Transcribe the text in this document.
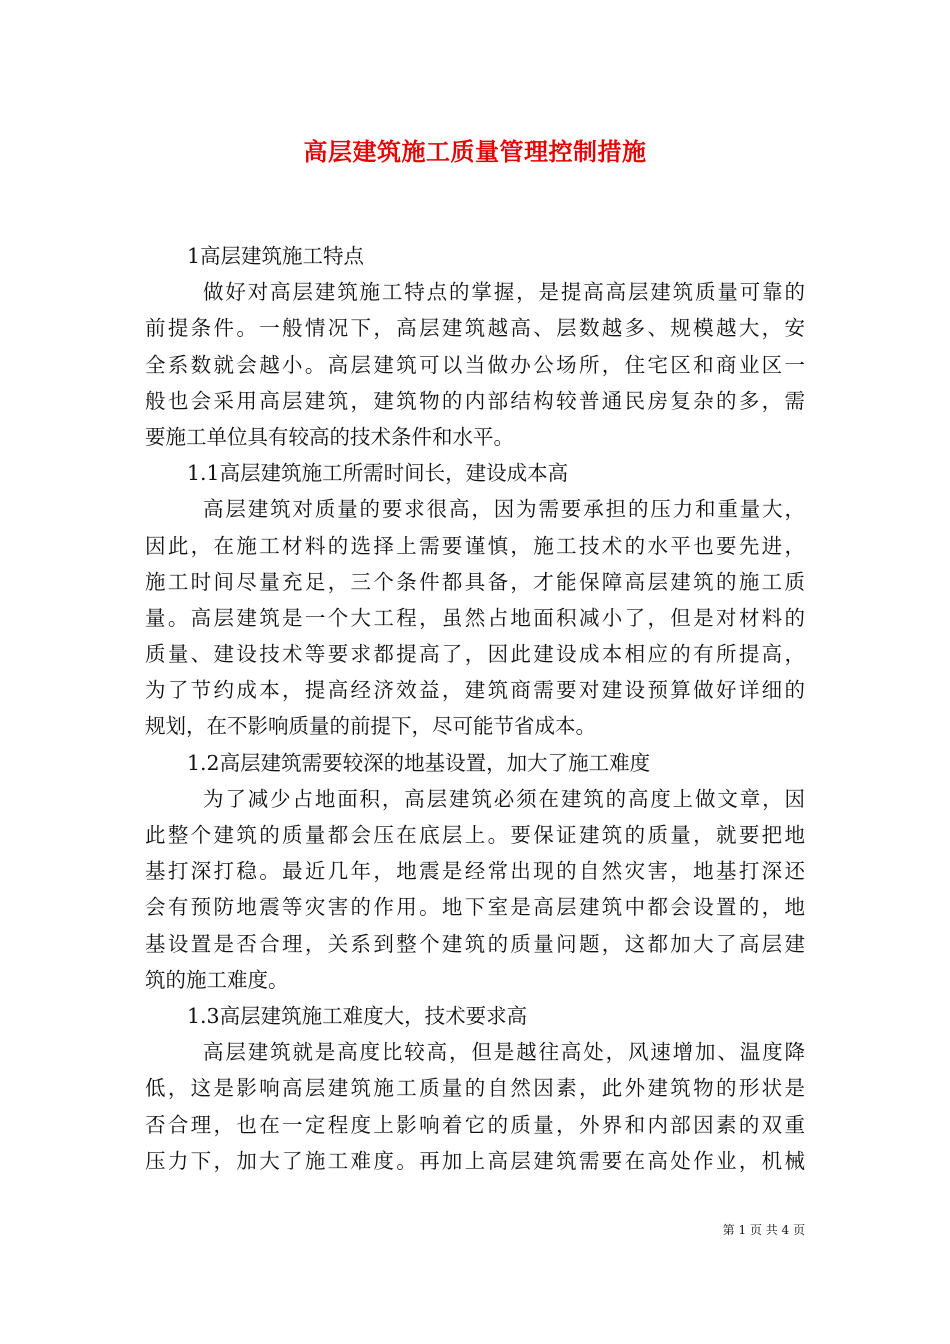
高层建筑施工质量管理控制措施
1高层建筑施工特点
做好对高层建筑施工特点的掌握，是提高高层建筑质量可靠的
前提条件。一般情况下，高层建筑越高、层数越多、规模越大，安
全系数就会越小。高层建筑可以当做办公场所，住宅区和商业区一
般也会采用高层建筑，建筑物的内部结构较普通民房复杂的多，需
要施工单位具有较高的技术条件和水平。
1.1高层建筑施工所需时间长，建设成本高
高层建筑对质量的要求很高，因为需要承担的压力和重量大，
因此，在施工材料的选择上需要谨慎，施工技术的水平也要先进，
施工时间尽量充足，三个条件都具备，才能保障高层建筑的施工质
量。高层建筑是一个大工程，虽然占地面积减小了，但是对材料的
质量、建设技术等要求都提高了，因此建设成本相应的有所提高，
为了节约成本，提高经济效益，建筑商需要对建设预算做好详细的
规划，在不影响质量的前提下，尽可能节省成本。
1.2高层建筑需要较深的地基设置，加大了施工难度
为了减少占地面积，高层建筑必须在建筑的高度上做文章，因
此整个建筑的质量都会压在底层上。要保证建筑的质量，就要把地
基打深打稳。最近几年，地震是经常出现的自然灾害，地基打深还
会有预防地震等灾害的作用。地下室是高层建筑中都会设置的，地
基设置是否合理，关系到整个建筑的质量问题，这都加大了高层建
筑的施工难度。
1.3高层建筑施工难度大，技术要求高
高层建筑就是高度比较高，但是越往高处，风速增加、温度降
低，这是影响高层建筑施工质量的自然因素，此外建筑物的形状是
否合理，也在一定程度上影响着它的质量，外界和内部因素的双重
压力下，加大了施工难度。再加上高层建筑需要在高处作业，机械
第 1 页 共 4 页
